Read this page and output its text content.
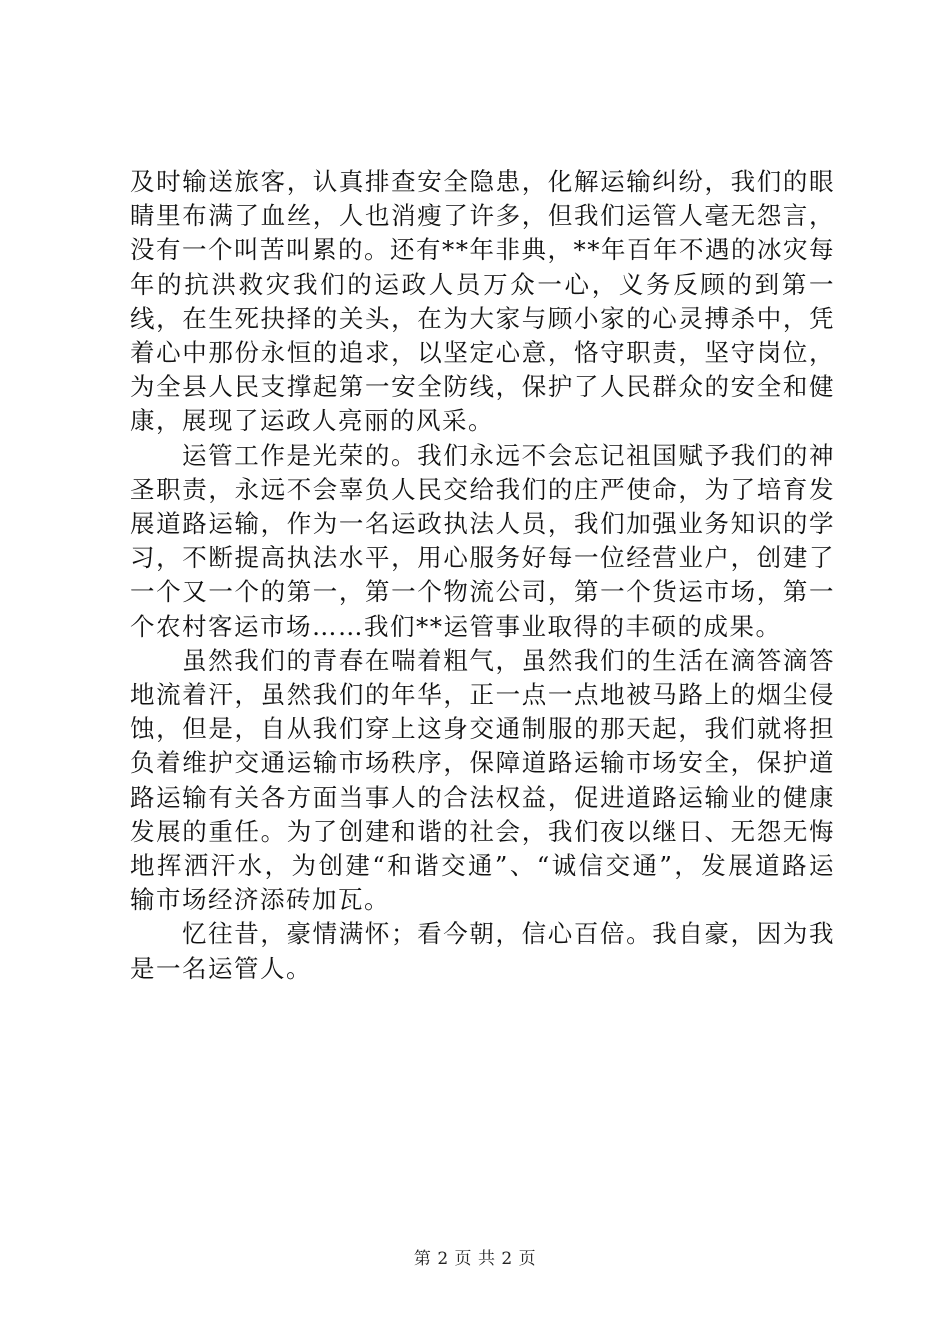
及时输送旅客，认真排查安全隐患，化解运输纠纷，我们的眼睛里布满了血丝，人也消瘦了许多，但我们运管人毫无怨言，没有一个叫苦叫累的。还有**年非典，**年百年不遇的冰灾每年的抗洪救灾我们的运政人员万众一心，义务反顾的到第一线，在生死抉择的关头，在为大家与顾小家的心灵搏杀中，凭着心中那份永恒的追求，以坚定心意，恪守职责，坚守岗位，为全县人民支撑起第一安全防线，保护了人民群众的安全和健康，展现了运政人亮丽的风采。

运管工作是光荣的。我们永远不会忘记祖国赋予我们的神圣职责，永远不会辜负人民交给我们的庄严使命，为了培育发展道路运输，作为一名运政执法人员，我们加强业务知识的学习，不断提高执法水平，用心服务好每一位经营业户，创建了一个又一个的第一，第一个物流公司，第一个货运市场，第一个农村客运市场……我们**运管事业取得的丰硕的成果。

虽然我们的青春在喘着粗气，虽然我们的生活在滴答滴答地流着汗，虽然我们的年华，正一点一点地被马路上的烟尘侵蚀，但是，自从我们穿上这身交通制服的那天起，我们就将担负着维护交通运输市场秩序，保障道路运输市场安全，保护道路运输有关各方面当事人的合法权益，促进道路运输业的健康发展的重任。为了创建和谐的社会，我们夜以继日、无怨无悔地挥洒汗水，为创建“和谐交通”、“诚信交通”，发展道路运输市场经济添砖加瓦。

忆往昔，豪情满怀；看今朝，信心百倍。我自豪，因为我是一名运管人。

第 2 页 共 2 页
